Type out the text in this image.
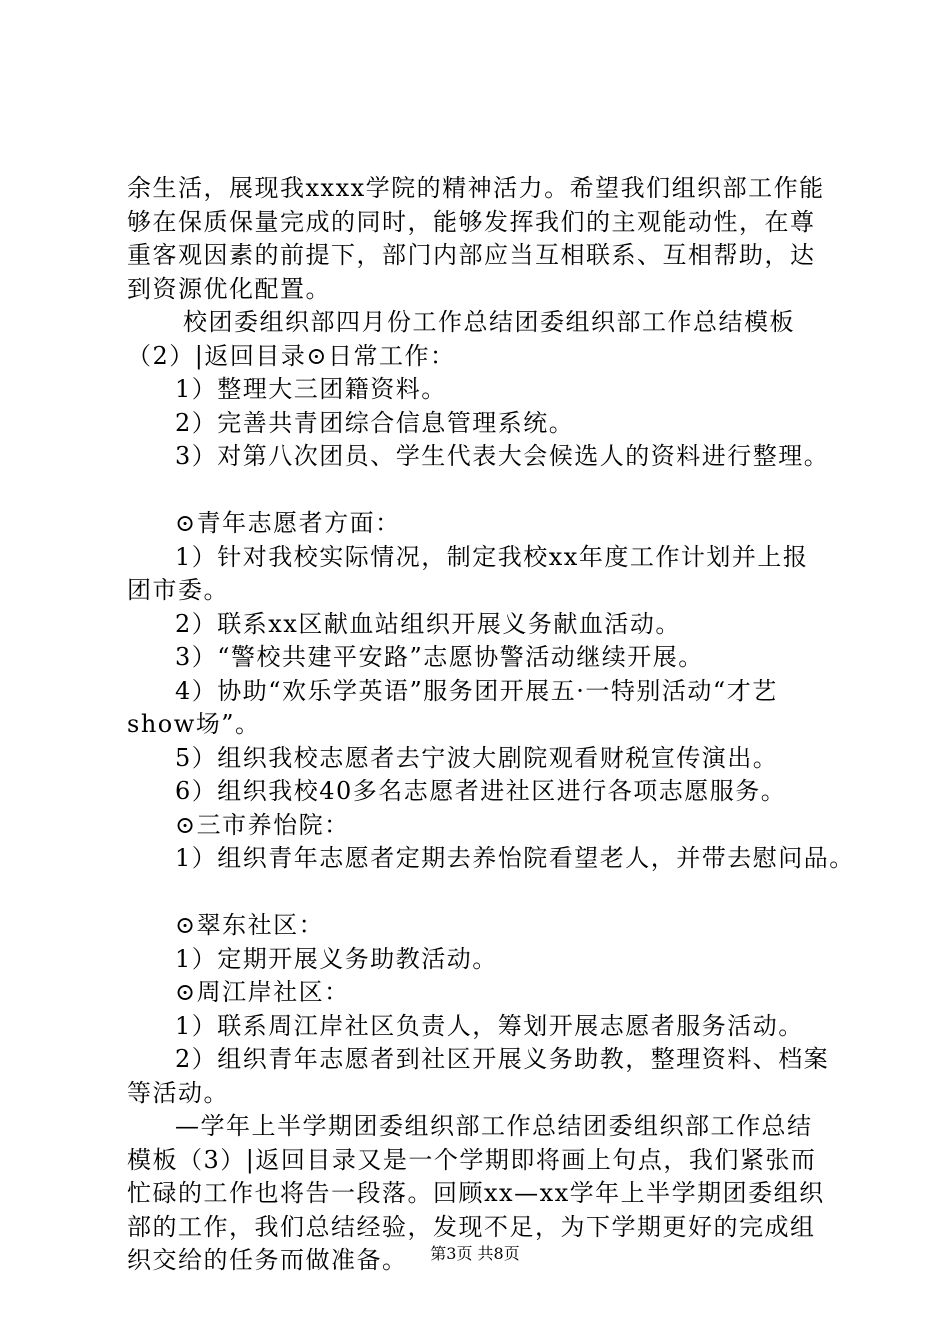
余生活，展现我xxxx学院的精神活力。希望我们组织部工作能
够在保质保量完成的同时，能够发挥我们的主观能动性，在尊
重客观因素的前提下，部门内部应当互相联系、互相帮助，达
到资源优化配置。
校团委组织部四月份工作总结团委组织部工作总结模板
（2）|返回目录⊙日常工作：
1）整理大三团籍资料。
2）完善共青团综合信息管理系统。
3）对第八次团员、学生代表大会候选人的资料进行整理。
⊙青年志愿者方面：
1）针对我校实际情况，制定我校xx年度工作计划并上报
团市委。
2）联系xx区献血站组织开展义务献血活动。
3）“警校共建平安路”志愿协警活动继续开展。
4）协助“欢乐学英语”服务团开展五·一特别活动“才艺
show场”。
5）组织我校志愿者去宁波大剧院观看财税宣传演出。
6）组织我校40多名志愿者进社区进行各项志愿服务。
⊙三市养怡院：
1）组织青年志愿者定期去养怡院看望老人，并带去慰问品。
⊙翠东社区：
1）定期开展义务助教活动。
⊙周江岸社区：
1）联系周江岸社区负责人，筹划开展志愿者服务活动。
2）组织青年志愿者到社区开展义务助教，整理资料、档案
等活动。
—学年上半学期团委组织部工作总结团委组织部工作总结
模板（3）|返回目录又是一个学期即将画上句点，我们紧张而
忙碌的工作也将告一段落。回顾xx—xx学年上半学期团委组织
部的工作，我们总结经验，发现不足，为下学期更好的完成组
织交给的任务而做准备。	第3页 共8页
